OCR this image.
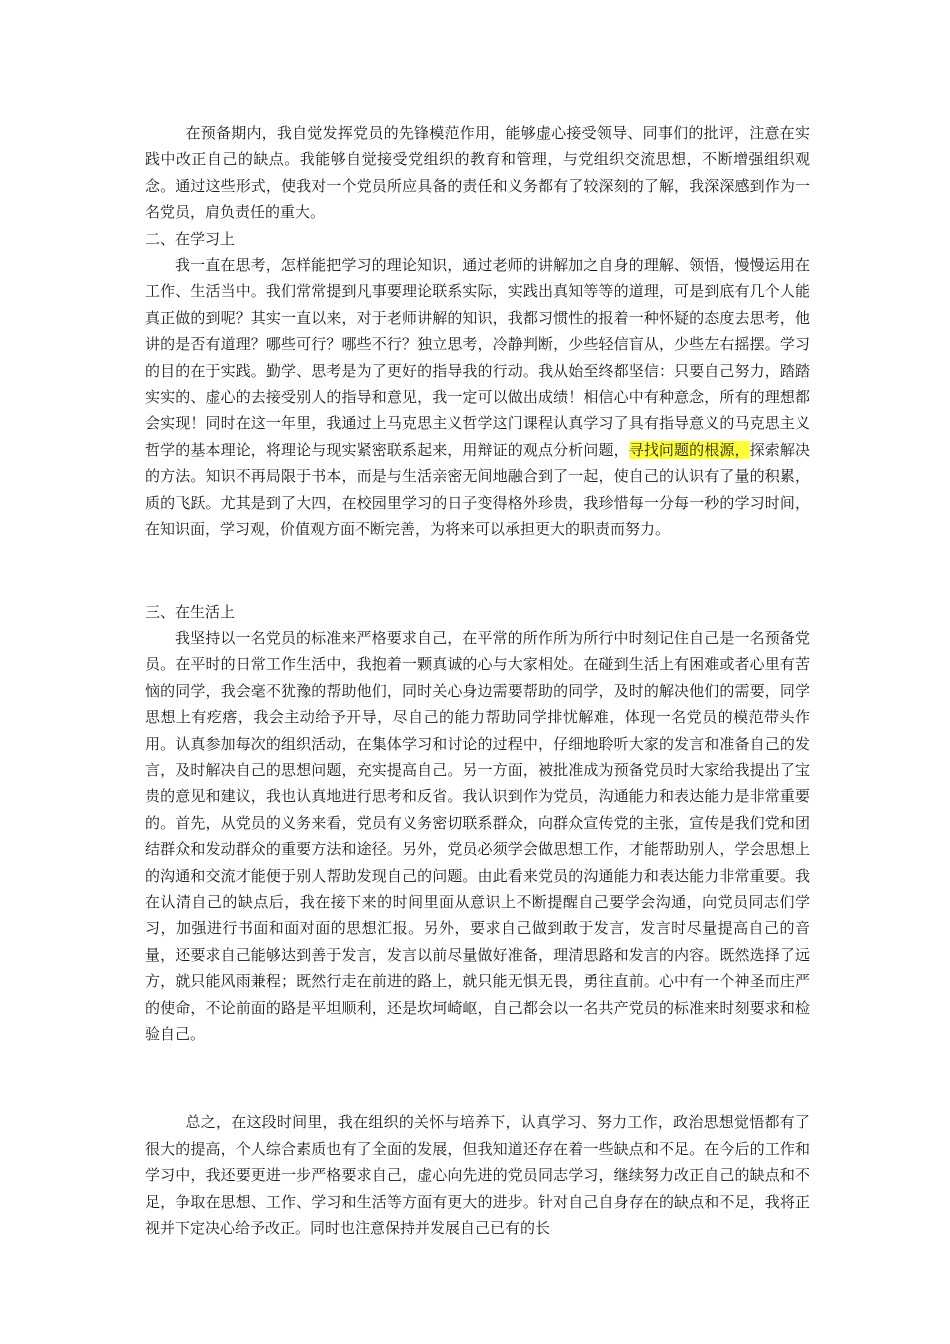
在预备期内，我自觉发挥党员的先锋模范作用，能够虚心接受领导、同事们的批评，注意在实践中改正自己的缺点。我能够自觉接受党组织的教育和管理，与党组织交流思想，不断增强组织观念。通过这些形式，使我对一个党员所应具备的责任和义务都有了较深刻的了解，我深深感到作为一名党员，肩负责任的重大。

二、在学习上

我一直在思考，怎样能把学习的理论知识，通过老师的讲解加之自身的理解、领悟，慢慢运用在工作、生活当中。我们常常提到凡事要理论联系实际，实践出真知等等的道理，可是到底有几个人能真正做的到呢？其实一直以来，对于老师讲解的知识，我都习惯性的报着一种怀疑的态度去思考，他讲的是否有道理？哪些可行？哪些不行？独立思考，冷静判断，少些轻信盲从，少些左右摇摆。学习的目的在于实践。勤学、思考是为了更好的指导我的行动。我从始至终都坚信：只要自己努力，踏踏实实的、虚心的去接受别人的指导和意见，我一定可以做出成绩！相信心中有种意念，所有的理想都会实现！同时在这一年里，我通过上马克思主义哲学这门课程认真学习了具有指导意义的马克思主义哲学的基本理论，将理论与现实紧密联系起来，用辩证的观点分析问题，寻找问题的根源，探索解决的方法。知识不再局限于书本，而是与生活亲密无间地融合到了一起，使自己的认识有了量的积累，质的飞跃。尤其是到了大四，在校园里学习的日子变得格外珍贵，我珍惜每一分每一秒的学习时间，在知识面，学习观，价值观方面不断完善，为将来可以承担更大的职责而努力。

三、在生活上

我坚持以一名党员的标准来严格要求自己，在平常的所作所为所行中时刻记住自己是一名预备党员。在平时的日常工作生活中，我抱着一颗真诚的心与大家相处。在碰到生活上有困难或者心里有苦恼的同学，我会毫不犹豫的帮助他们，同时关心身边需要帮助的同学，及时的解决他们的需要，同学思想上有疙瘩，我会主动给予开导，尽自己的能力帮助同学排忧解难，体现一名党员的模范带头作用。认真参加每次的组织活动，在集体学习和讨论的过程中，仔细地聆听大家的发言和准备自己的发言，及时解决自己的思想问题，充实提高自己。另一方面，被批准成为预备党员时大家给我提出了宝贵的意见和建议，我也认真地进行思考和反省。我认识到作为党员，沟通能力和表达能力是非常重要的。首先，从党员的义务来看，党员有义务密切联系群众，向群众宣传党的主张，宣传是我们党和团结群众和发动群众的重要方法和途径。另外，党员必须学会做思想工作，才能帮助别人，学会思想上的沟通和交流才能便于别人帮助发现自己的问题。由此看来党员的沟通能力和表达能力非常重要。我在认清自己的缺点后，我在接下来的时间里面从意识上不断提醒自己要学会沟通，向党员同志们学习，加强进行书面和面对面的思想汇报。另外，要求自己做到敢于发言，发言时尽量提高自己的音量，还要求自己能够达到善于发言，发言以前尽量做好准备，理清思路和发言的内容。既然选择了远方，就只能风雨兼程；既然行走在前进的路上，就只能无惧无畏，勇往直前。心中有一个神圣而庄严的使命，不论前面的路是平坦顺利，还是坎坷崎岖，自己都会以一名共产党员的标准来时刻要求和检验自己。

总之，在这段时间里，我在组织的关怀与培养下，认真学习、努力工作，政治思想觉悟都有了很大的提高，个人综合素质也有了全面的发展，但我知道还存在着一些缺点和不足。在今后的工作和学习中，我还要更进一步严格要求自己，虚心向先进的党员同志学习，继续努力改正自己的缺点和不足，争取在思想、工作、学习和生活等方面有更大的进步。针对自己自身存在的缺点和不足，我将正视并下定决心给予改正。同时也注意保持并发展自己已有的长
